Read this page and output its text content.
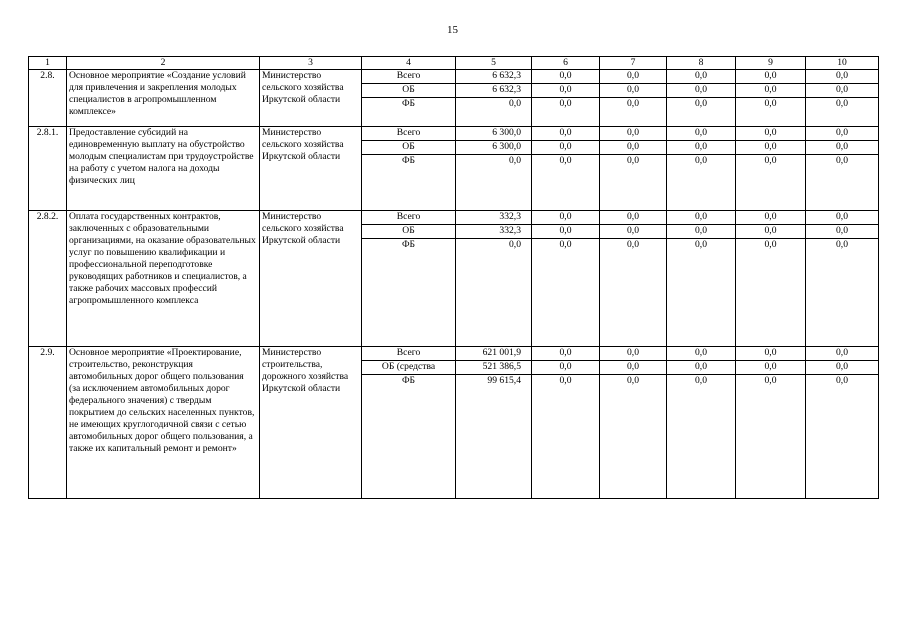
15
1	2	3	4	5	6	7	8	9	10
2.8.	Основное мероприятие «Создание условий для привлечения и закрепления молодых специалистов в агропромышленном комплексе»	Министерство сельского хозяйства Иркутской области	Всего	6 632,3	0,0	0,0	0,0	0,0	0,0
			ОБ	6 632,3	0,0	0,0	0,0	0,0	0,0
			ФБ	0,0	0,0	0,0	0,0	0,0	0,0
2.8.1.	Предоставление субсидий на единовременную выплату на обустройство молодым специалистам при трудоустройстве на работу с учетом налога на доходы физических лиц	Министерство сельского хозяйства Иркутской области	Всего	6 300,0	0,0	0,0	0,0	0,0	0,0
			ОБ	6 300,0	0,0	0,0	0,0	0,0	0,0
			ФБ	0,0	0,0	0,0	0,0	0,0	0,0
2.8.2.	Оплата государственных контрактов, заключенных с образовательными организациями, на оказание образовательных услуг по повышению квалификации и профессиональной переподготовке руководящих работников и специалистов, а также рабочих массовых профессий агропромышленного комплекса	Министерство сельского хозяйства Иркутской области	Всего	332,3	0,0	0,0	0,0	0,0	0,0
			ОБ	332,3	0,0	0,0	0,0	0,0	0,0
			ФБ	0,0	0,0	0,0	0,0	0,0	0,0
2.9.	Основное мероприятие «Проектирование, строительство, реконструкция автомобильных дорог общего пользования (за исключением автомобильных дорог федерального значения) с твердым покрытием до сельских населенных пунктов, не имеющих круглогодичной связи с сетью автомобильных дорог общего пользования, а также их капитальный ремонт и ремонт»	Министерство строительства, дорожного хозяйства Иркутской области	Всего	621 001,9	0,0	0,0	0,0	0,0	0,0
			ОБ (средства	521 386,5	0,0	0,0	0,0	0,0	0,0
			ФБ	99 615,4	0,0	0,0	0,0	0,0	0,0
